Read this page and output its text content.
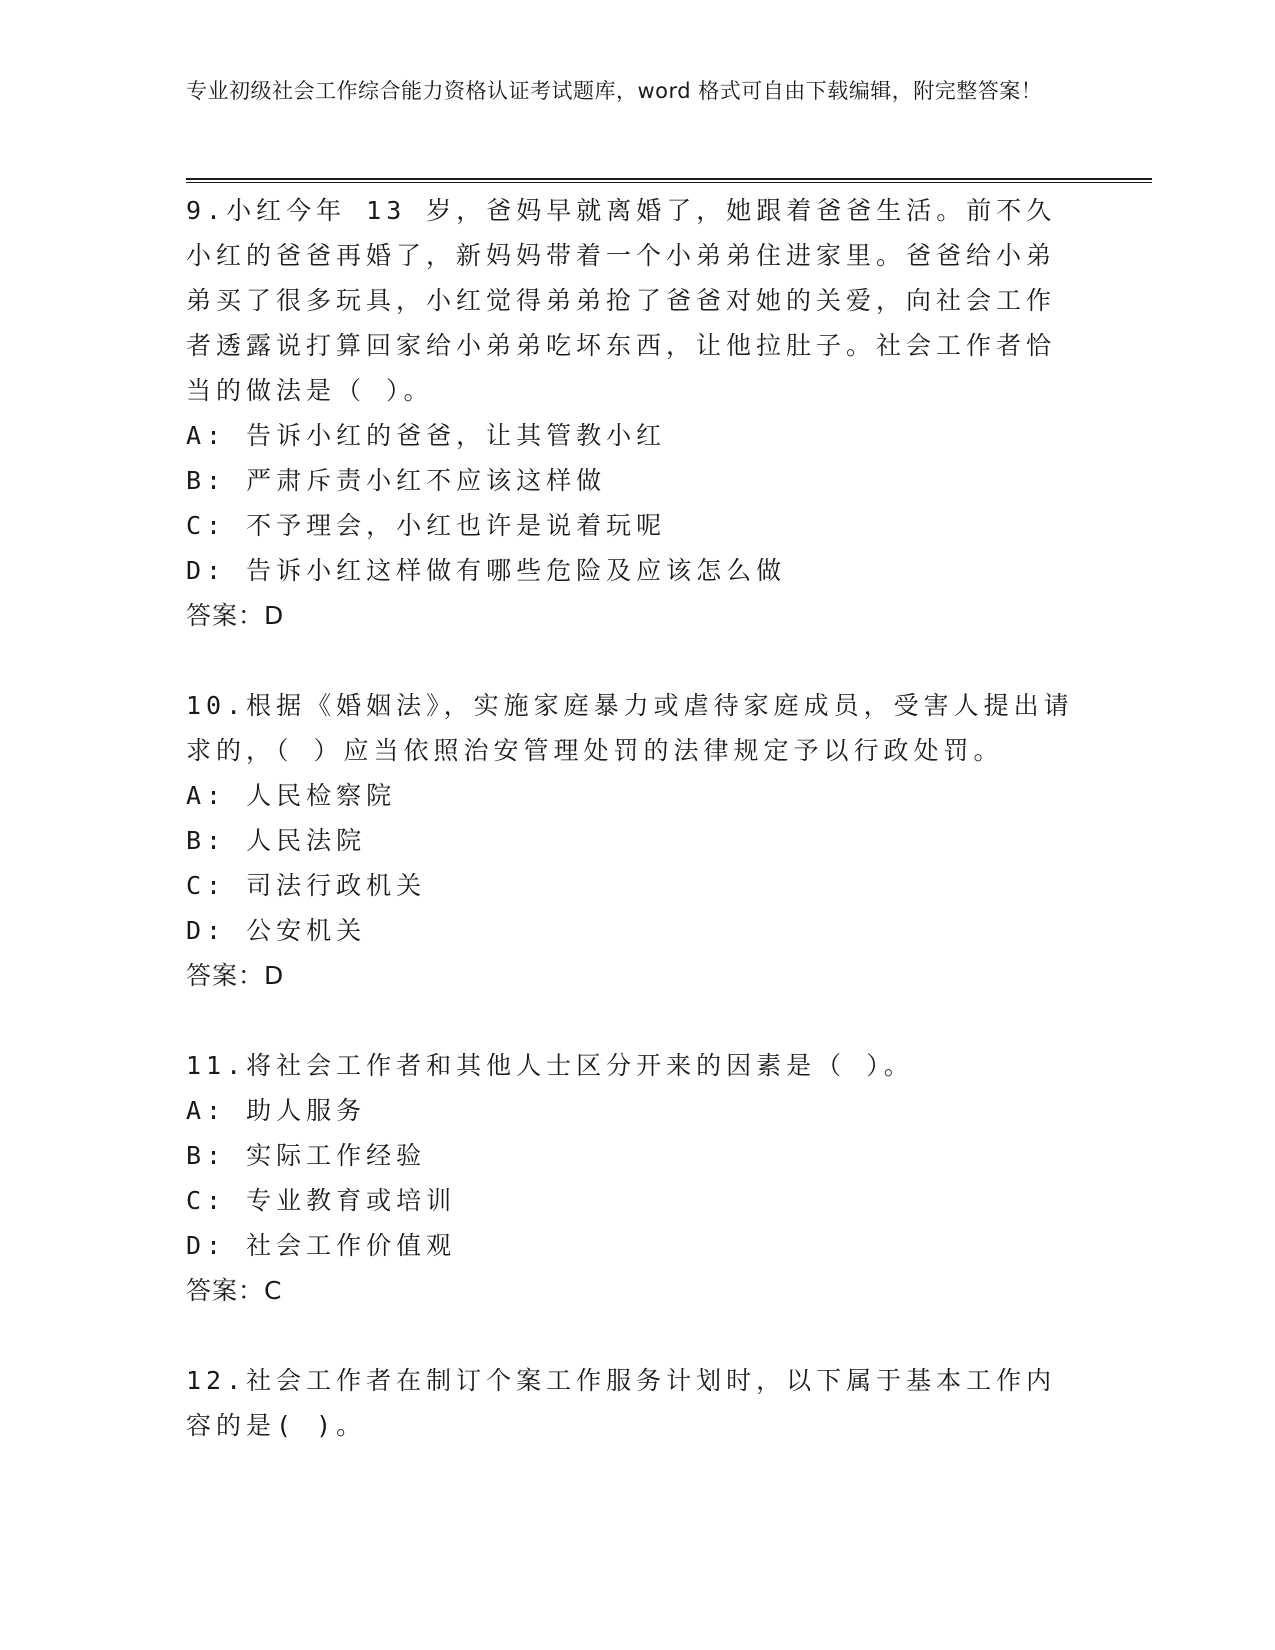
专业初级社会工作综合能力资格认证考试题库，word 格式可自由下载编辑，附完整答案！

9.小红今年 13 岁，爸妈早就离婚了，她跟着爸爸生活。前不久小红的爸爸再婚了，新妈妈带着一个小弟弟住进家里。爸爸给小弟弟买了很多玩具，小红觉得弟弟抢了爸爸对她的关爱，向社会工作者透露说打算回家给小弟弟吃坏东西，让他拉肚子。社会工作者恰当的做法是（ ）。

A: 告诉小红的爸爸，让其管教小红

B: 严肃斥责小红不应该这样做

C: 不予理会，小红也许是说着玩呢

D: 告诉小红这样做有哪些危险及应该怎么做

答案：D

10.根据《婚姻法》，实施家庭暴力或虐待家庭成员，受害人提出请求的，（ ）应当依照治安管理处罚的法律规定予以行政处罚。

A: 人民检察院

B: 人民法院

C: 司法行政机关

D: 公安机关

答案：D

11.将社会工作者和其他人士区分开来的因素是（ ）。

A: 助人服务

B: 实际工作经验

C: 专业教育或培训

D: 社会工作价值观

答案：C

12.社会工作者在制订个案工作服务计划时，以下属于基本工作内容的是( )。
